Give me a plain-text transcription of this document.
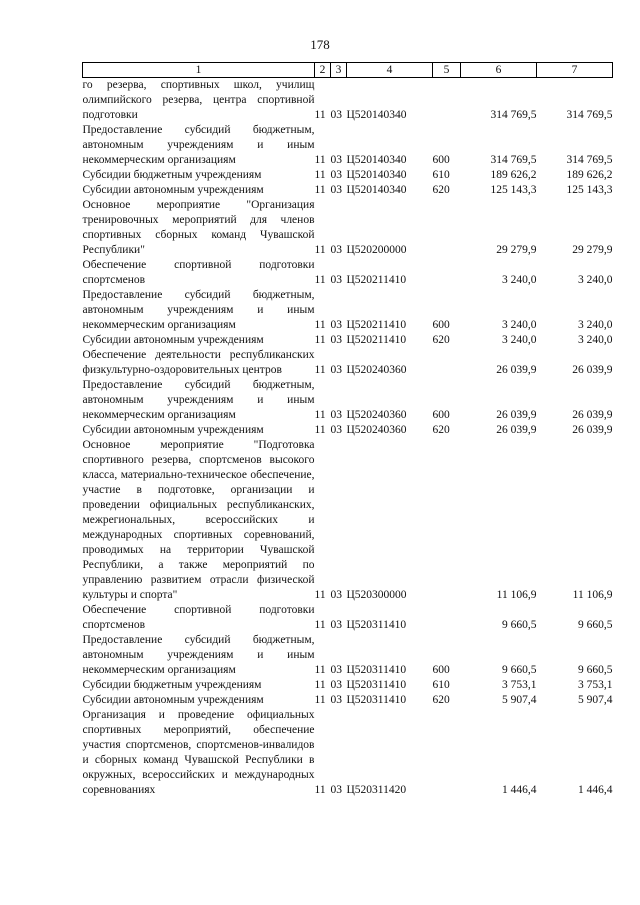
178
1	2	3	4	5	6	7
го резерва, спортивных школ, училищ олимпийского резерва, центра спортивной подготовки	11	03	Ц520140340		314 769,5	314 769,5
Предоставление субсидий бюджетным, автономным учреждениям и иным некоммерческим организациям	11	03	Ц520140340	600	314 769,5	314 769,5
Субсидии бюджетным учреждениям	11	03	Ц520140340	610	189 626,2	189 626,2
Субсидии автономным учреждениям	11	03	Ц520140340	620	125 143,3	125 143,3
Основное мероприятие "Организация тренировочных мероприятий для членов спортивных сборных команд Чувашской Республики"	11	03	Ц520200000		29 279,9	29 279,9
Обеспечение спортивной подготовки спортсменов	11	03	Ц520211410		3 240,0	3 240,0
Предоставление субсидий бюджетным, автономным учреждениям и иным некоммерческим организациям	11	03	Ц520211410	600	3 240,0	3 240,0
Субсидии автономным учреждениям	11	03	Ц520211410	620	3 240,0	3 240,0
Обеспечение деятельности республиканских физкультурно-оздоровительных центров	11	03	Ц520240360		26 039,9	26 039,9
Предоставление субсидий бюджетным, автономным учреждениям и иным некоммерческим организациям	11	03	Ц520240360	600	26 039,9	26 039,9
Субсидии автономным учреждениям	11	03	Ц520240360	620	26 039,9	26 039,9
Основное мероприятие "Подготовка спортивного резерва, спортсменов высокого класса, материально-техническое обеспечение, участие в подготовке, организации и проведении официальных республиканских, межрегиональных, всероссийских и международных спортивных соревнований, проводимых на территории Чувашской Республики, а также мероприятий по управлению развитием отрасли физической культуры и спорта"	11	03	Ц520300000		11 106,9	11 106,9
Обеспечение спортивной подготовки спортсменов	11	03	Ц520311410		9 660,5	9 660,5
Предоставление субсидий бюджетным, автономным учреждениям и иным некоммерческим организациям	11	03	Ц520311410	600	9 660,5	9 660,5
Субсидии бюджетным учреждениям	11	03	Ц520311410	610	3 753,1	3 753,1
Субсидии автономным учреждениям	11	03	Ц520311410	620	5 907,4	5 907,4
Организация и проведение официальных спортивных мероприятий, обеспечение участия спортсменов, спортсменов-инвалидов и сборных команд Чувашской Республики в окружных, всероссийских и международных соревнованиях	11	03	Ц520311420		1 446,4	1 446,4
